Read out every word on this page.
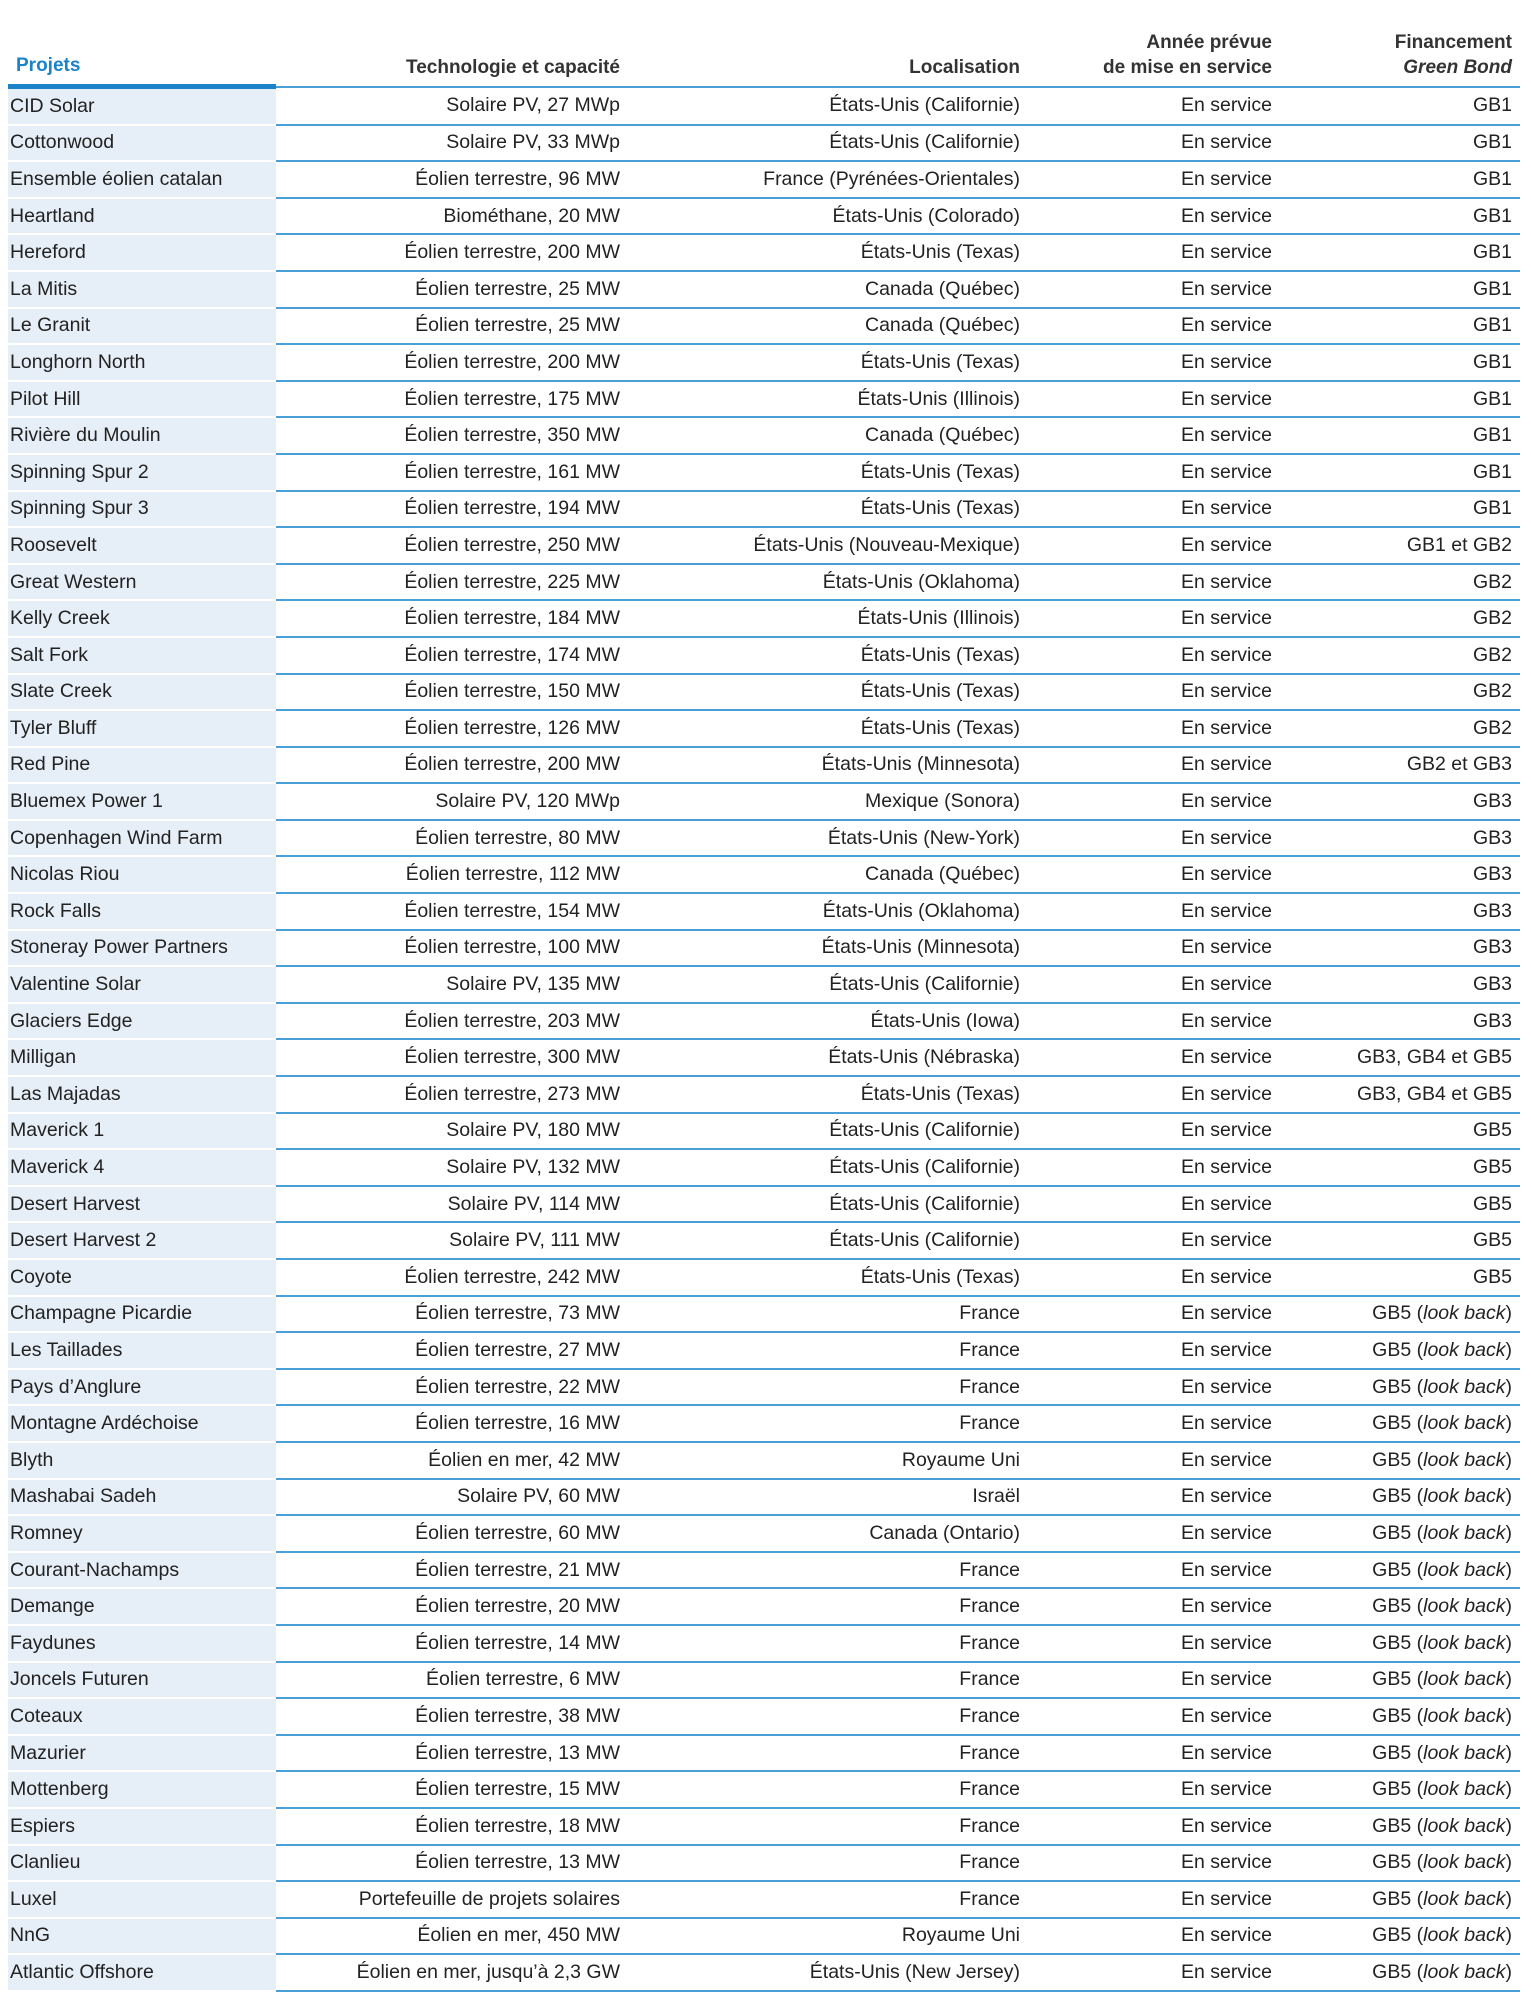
Projets	Technologie et capacité	Localisation	Année prévue
de mise en service	Financement
Green Bond

CID Solar	Solaire PV, 27 MWp	États-Unis (Californie)	En service	GB1
Cottonwood	Solaire PV, 33 MWp	États-Unis (Californie)	En service	GB1
Ensemble éolien catalan	Éolien terrestre, 96 MW	France (Pyrénées-Orientales)	En service	GB1
Heartland	Biométhane, 20 MW	États-Unis (Colorado)	En service	GB1
Hereford	Éolien terrestre, 200 MW	États-Unis (Texas)	En service	GB1
La Mitis	Éolien terrestre, 25 MW	Canada (Québec)	En service	GB1
Le Granit	Éolien terrestre, 25 MW	Canada (Québec)	En service	GB1
Longhorn North	Éolien terrestre, 200 MW	États-Unis (Texas)	En service	GB1
Pilot Hill	Éolien terrestre, 175 MW	États-Unis (Illinois)	En service	GB1
Rivière du Moulin	Éolien terrestre, 350 MW	Canada (Québec)	En service	GB1
Spinning Spur 2	Éolien terrestre, 161 MW	États-Unis (Texas)	En service	GB1
Spinning Spur 3	Éolien terrestre, 194 MW	États-Unis (Texas)	En service	GB1
Roosevelt	Éolien terrestre, 250 MW	États-Unis (Nouveau-Mexique)	En service	GB1 et GB2
Great Western	Éolien terrestre, 225 MW	États-Unis (Oklahoma)	En service	GB2
Kelly Creek	Éolien terrestre, 184 MW	États-Unis (Illinois)	En service	GB2
Salt Fork	Éolien terrestre, 174 MW	États-Unis (Texas)	En service	GB2
Slate Creek	Éolien terrestre, 150 MW	États-Unis (Texas)	En service	GB2
Tyler Bluff	Éolien terrestre, 126 MW	États-Unis (Texas)	En service	GB2
Red Pine	Éolien terrestre, 200 MW	États-Unis (Minnesota)	En service	GB2 et GB3
Bluemex Power 1	Solaire PV, 120 MWp	Mexique (Sonora)	En service	GB3
Copenhagen Wind Farm	Éolien terrestre, 80 MW	États-Unis (New-York)	En service	GB3
Nicolas Riou	Éolien terrestre, 112 MW	Canada (Québec)	En service	GB3
Rock Falls	Éolien terrestre, 154 MW	États-Unis (Oklahoma)	En service	GB3
Stoneray Power Partners	Éolien terrestre, 100 MW	États-Unis (Minnesota)	En service	GB3
Valentine Solar	Solaire PV, 135 MW	États-Unis (Californie)	En service	GB3
Glaciers Edge	Éolien terrestre, 203 MW	États-Unis (Iowa)	En service	GB3
Milligan	Éolien terrestre, 300 MW	États-Unis (Nébraska)	En service	GB3, GB4 et GB5
Las Majadas	Éolien terrestre, 273 MW	États-Unis (Texas)	En service	GB3, GB4 et GB5
Maverick 1	Solaire PV, 180 MW	États-Unis (Californie)	En service	GB5
Maverick 4	Solaire PV, 132 MW	États-Unis (Californie)	En service	GB5
Desert Harvest	Solaire PV, 114 MW	États-Unis (Californie)	En service	GB5
Desert Harvest 2	Solaire PV, 111 MW	États-Unis (Californie)	En service	GB5
Coyote	Éolien terrestre, 242 MW	États-Unis (Texas)	En service	GB5
Champagne Picardie	Éolien terrestre, 73 MW	France	En service	GB5 (look back)
Les Taillades	Éolien terrestre, 27 MW	France	En service	GB5 (look back)
Pays d’Anglure	Éolien terrestre, 22 MW	France	En service	GB5 (look back)
Montagne Ardéchoise	Éolien terrestre, 16 MW	France	En service	GB5 (look back)
Blyth	Éolien en mer, 42 MW	Royaume Uni	En service	GB5 (look back)
Mashabai Sadeh	Solaire PV, 60 MW	Israël	En service	GB5 (look back)
Romney	Éolien terrestre, 60 MW	Canada (Ontario)	En service	GB5 (look back)
Courant-Nachamps	Éolien terrestre, 21 MW	France	En service	GB5 (look back)
Demange	Éolien terrestre, 20 MW	France	En service	GB5 (look back)
Faydunes	Éolien terrestre, 14 MW	France	En service	GB5 (look back)
Joncels Futuren	Éolien terrestre, 6 MW	France	En service	GB5 (look back)
Coteaux	Éolien terrestre, 38 MW	France	En service	GB5 (look back)
Mazurier	Éolien terrestre, 13 MW	France	En service	GB5 (look back)
Mottenberg	Éolien terrestre, 15 MW	France	En service	GB5 (look back)
Espiers	Éolien terrestre, 18 MW	France	En service	GB5 (look back)
Clanlieu	Éolien terrestre, 13 MW	France	En service	GB5 (look back)
Luxel	Portefeuille de projets solaires	France	En service	GB5 (look back)
NnG	Éolien en mer, 450 MW	Royaume Uni	En service	GB5 (look back)
Atlantic Offshore	Éolien en mer, jusqu’à 2,3 GW	États-Unis (New Jersey)	En service	GB5 (look back)
